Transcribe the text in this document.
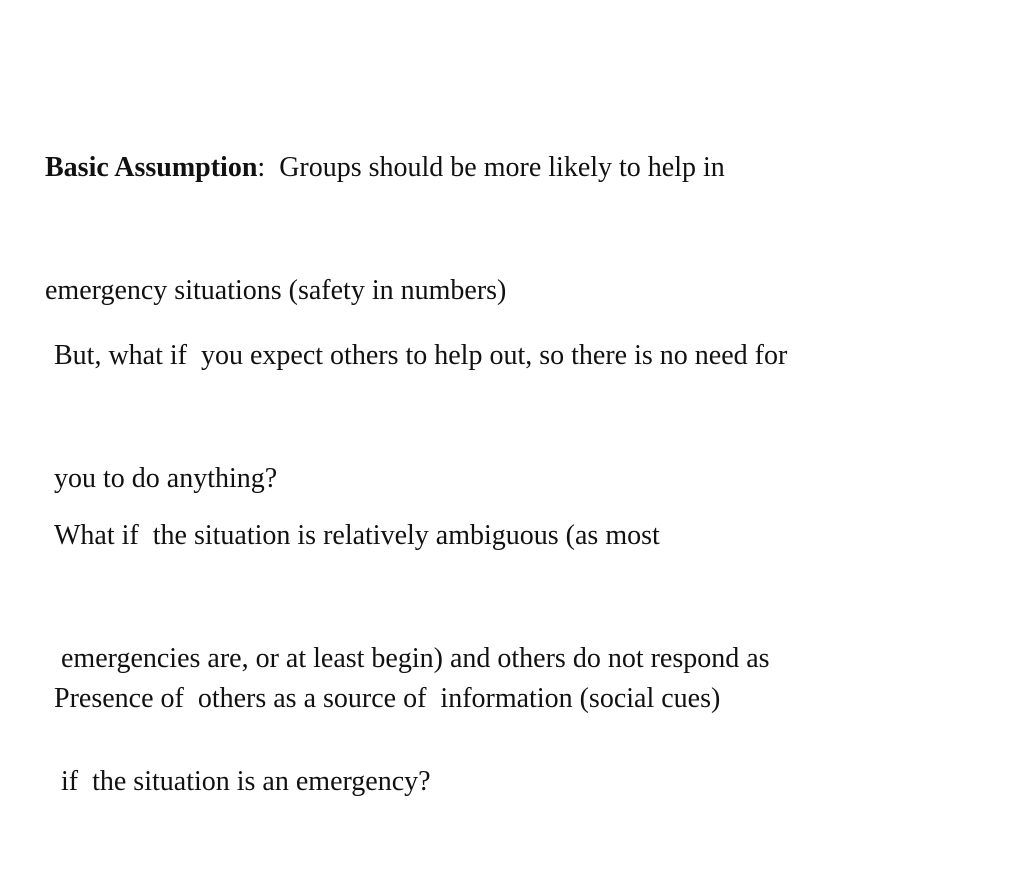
Basic Assumption:  Groups should be more likely to help in

emergency situations (safety in numbers)

But, what if  you expect others to help out, so there is no need for

you to do anything?

What if  the situation is relatively ambiguous (as most

emergencies are, or at least begin) and others do not respond as

if  the situation is an emergency?

Presence of  others as a source of  information (social cues)
